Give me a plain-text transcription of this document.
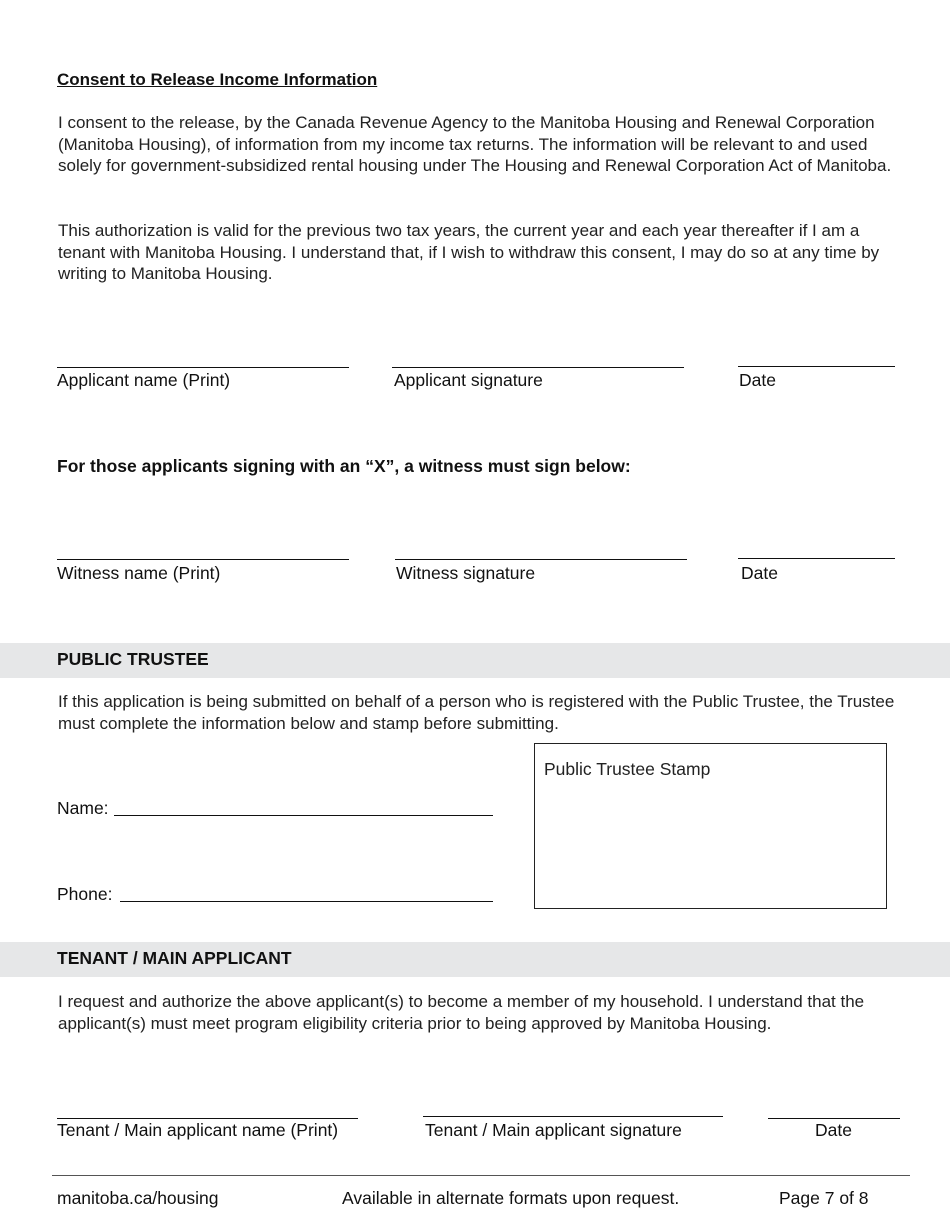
Consent to Release Income Information
I consent to the release, by the Canada Revenue Agency to the Manitoba Housing and Renewal Corporation (Manitoba Housing), of information from my income tax returns. The information will be relevant to and used solely for government-subsidized rental housing under The Housing and Renewal Corporation Act of Manitoba.
This authorization is valid for the previous two tax years, the current year and each year thereafter if I am a tenant with Manitoba Housing. I understand that, if I wish to withdraw this consent, I may do so at any time by writing to Manitoba Housing.
Applicant name (Print)	Applicant signature	Date
For those applicants signing with an “X”, a witness must sign below:
Witness name (Print)	Witness signature	Date
PUBLIC TRUSTEE
If this application is being submitted on behalf of a person who is registered with the Public Trustee, the Trustee must complete the information below and stamp before submitting.
Public Trustee Stamp
Name:
Phone:
TENANT / MAIN APPLICANT
I request and authorize the above applicant(s) to become a member of my household. I understand that the applicant(s) must meet program eligibility criteria prior to being approved by Manitoba Housing.
Tenant / Main applicant name (Print)	Tenant / Main applicant signature	Date
manitoba.ca/housing	Available in alternate formats upon request.	Page 7 of 8
